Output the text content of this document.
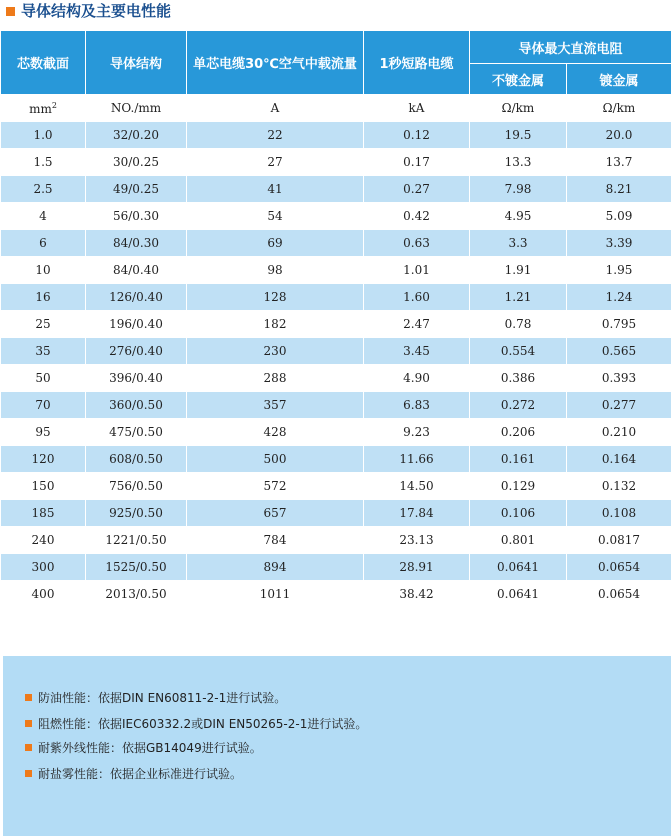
导体结构及主要电性能
芯数截面	导体结构	单芯电缆30℃空气中载流量	1秒短路电缆	导体最大直流电阻	
				不镀金属	镀金属
$mm^2$	NO./mm	A	kA	Ω/km	Ω/km
1.0	32/0.20	22	0.12	19.5	20.0
1.5	30/0.25	27	0.17	13.3	13.7
2.5	49/0.25	41	0.27	7.98	8.21
4	56/0.30	54	0.42	4.95	5.09
6	84/0.30	69	0.63	3.3	3.39
10	84/0.40	98	1.01	1.91	1.95
16	126/0.40	128	1.60	1.21	1.24
25	196/0.40	182	2.47	0.78	0.795
35	276/0.40	230	3.45	0.554	0.565
50	396/0.40	288	4.90	0.386	0.393
70	360/0.50	357	6.83	0.272	0.277
95	475/0.50	428	9.23	0.206	0.210
120	608/0.50	500	11.66	0.161	0.164
150	756/0.50	572	14.50	0.129	0.132
185	925/0.50	657	17.84	0.106	0.108
240	1221/0.50	784	23.13	0.801	0.0817
300	1525/0.50	894	28.91	0.0641	0.0654
400	2013/0.50	1011	38.42	0.0641	0.0654
防油性能：依据DIN EN60811-2-1进行试验。
阻燃性能：依据IEC60332.2或DIN EN50265-2-1进行试验。
耐紫外线性能：依据GB14049进行试验。
耐盐雾性能：依据企业标准进行试验。
